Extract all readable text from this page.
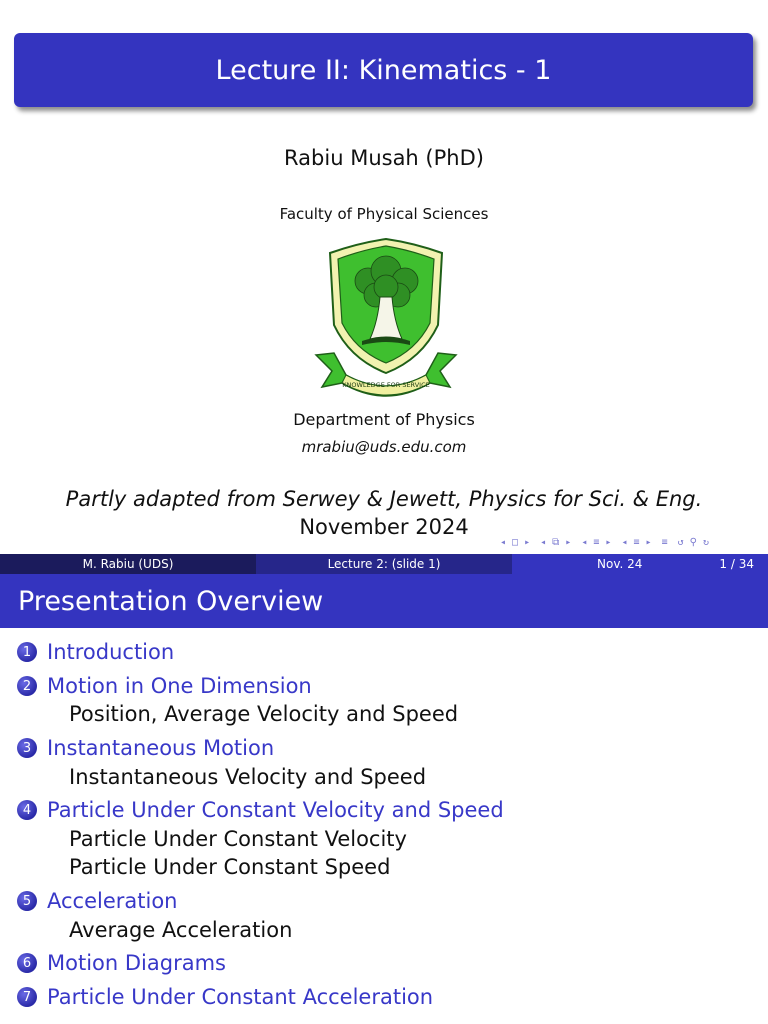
Lecture II: Kinematics - 1
Rabiu Musah (PhD)
Faculty of Physical Sciences
KNOWLEDGE FOR SERVICE
Department of Physics
mrabiu@uds.edu.com
Partly adapted from Serwey & Jewett, Physics for Sci. & Eng.
November 2024
◂ □ ▸ ◂ ⧉ ▸ ◂ ≡ ▸ ◂ ≡ ▸ ≡ ↺ ⚲ ↻
M. Rabiu (UDS)	Lecture 2: (slide 1)	Nov. 24	1 / 34
Presentation Overview
1 Introduction
2 Motion in One Dimension
Position, Average Velocity and Speed
3 Instantaneous Motion
Instantaneous Velocity and Speed
4 Particle Under Constant Velocity and Speed
Particle Under Constant Velocity
Particle Under Constant Speed
5 Acceleration
Average Acceleration
6 Motion Diagrams
7 Particle Under Constant Acceleration
